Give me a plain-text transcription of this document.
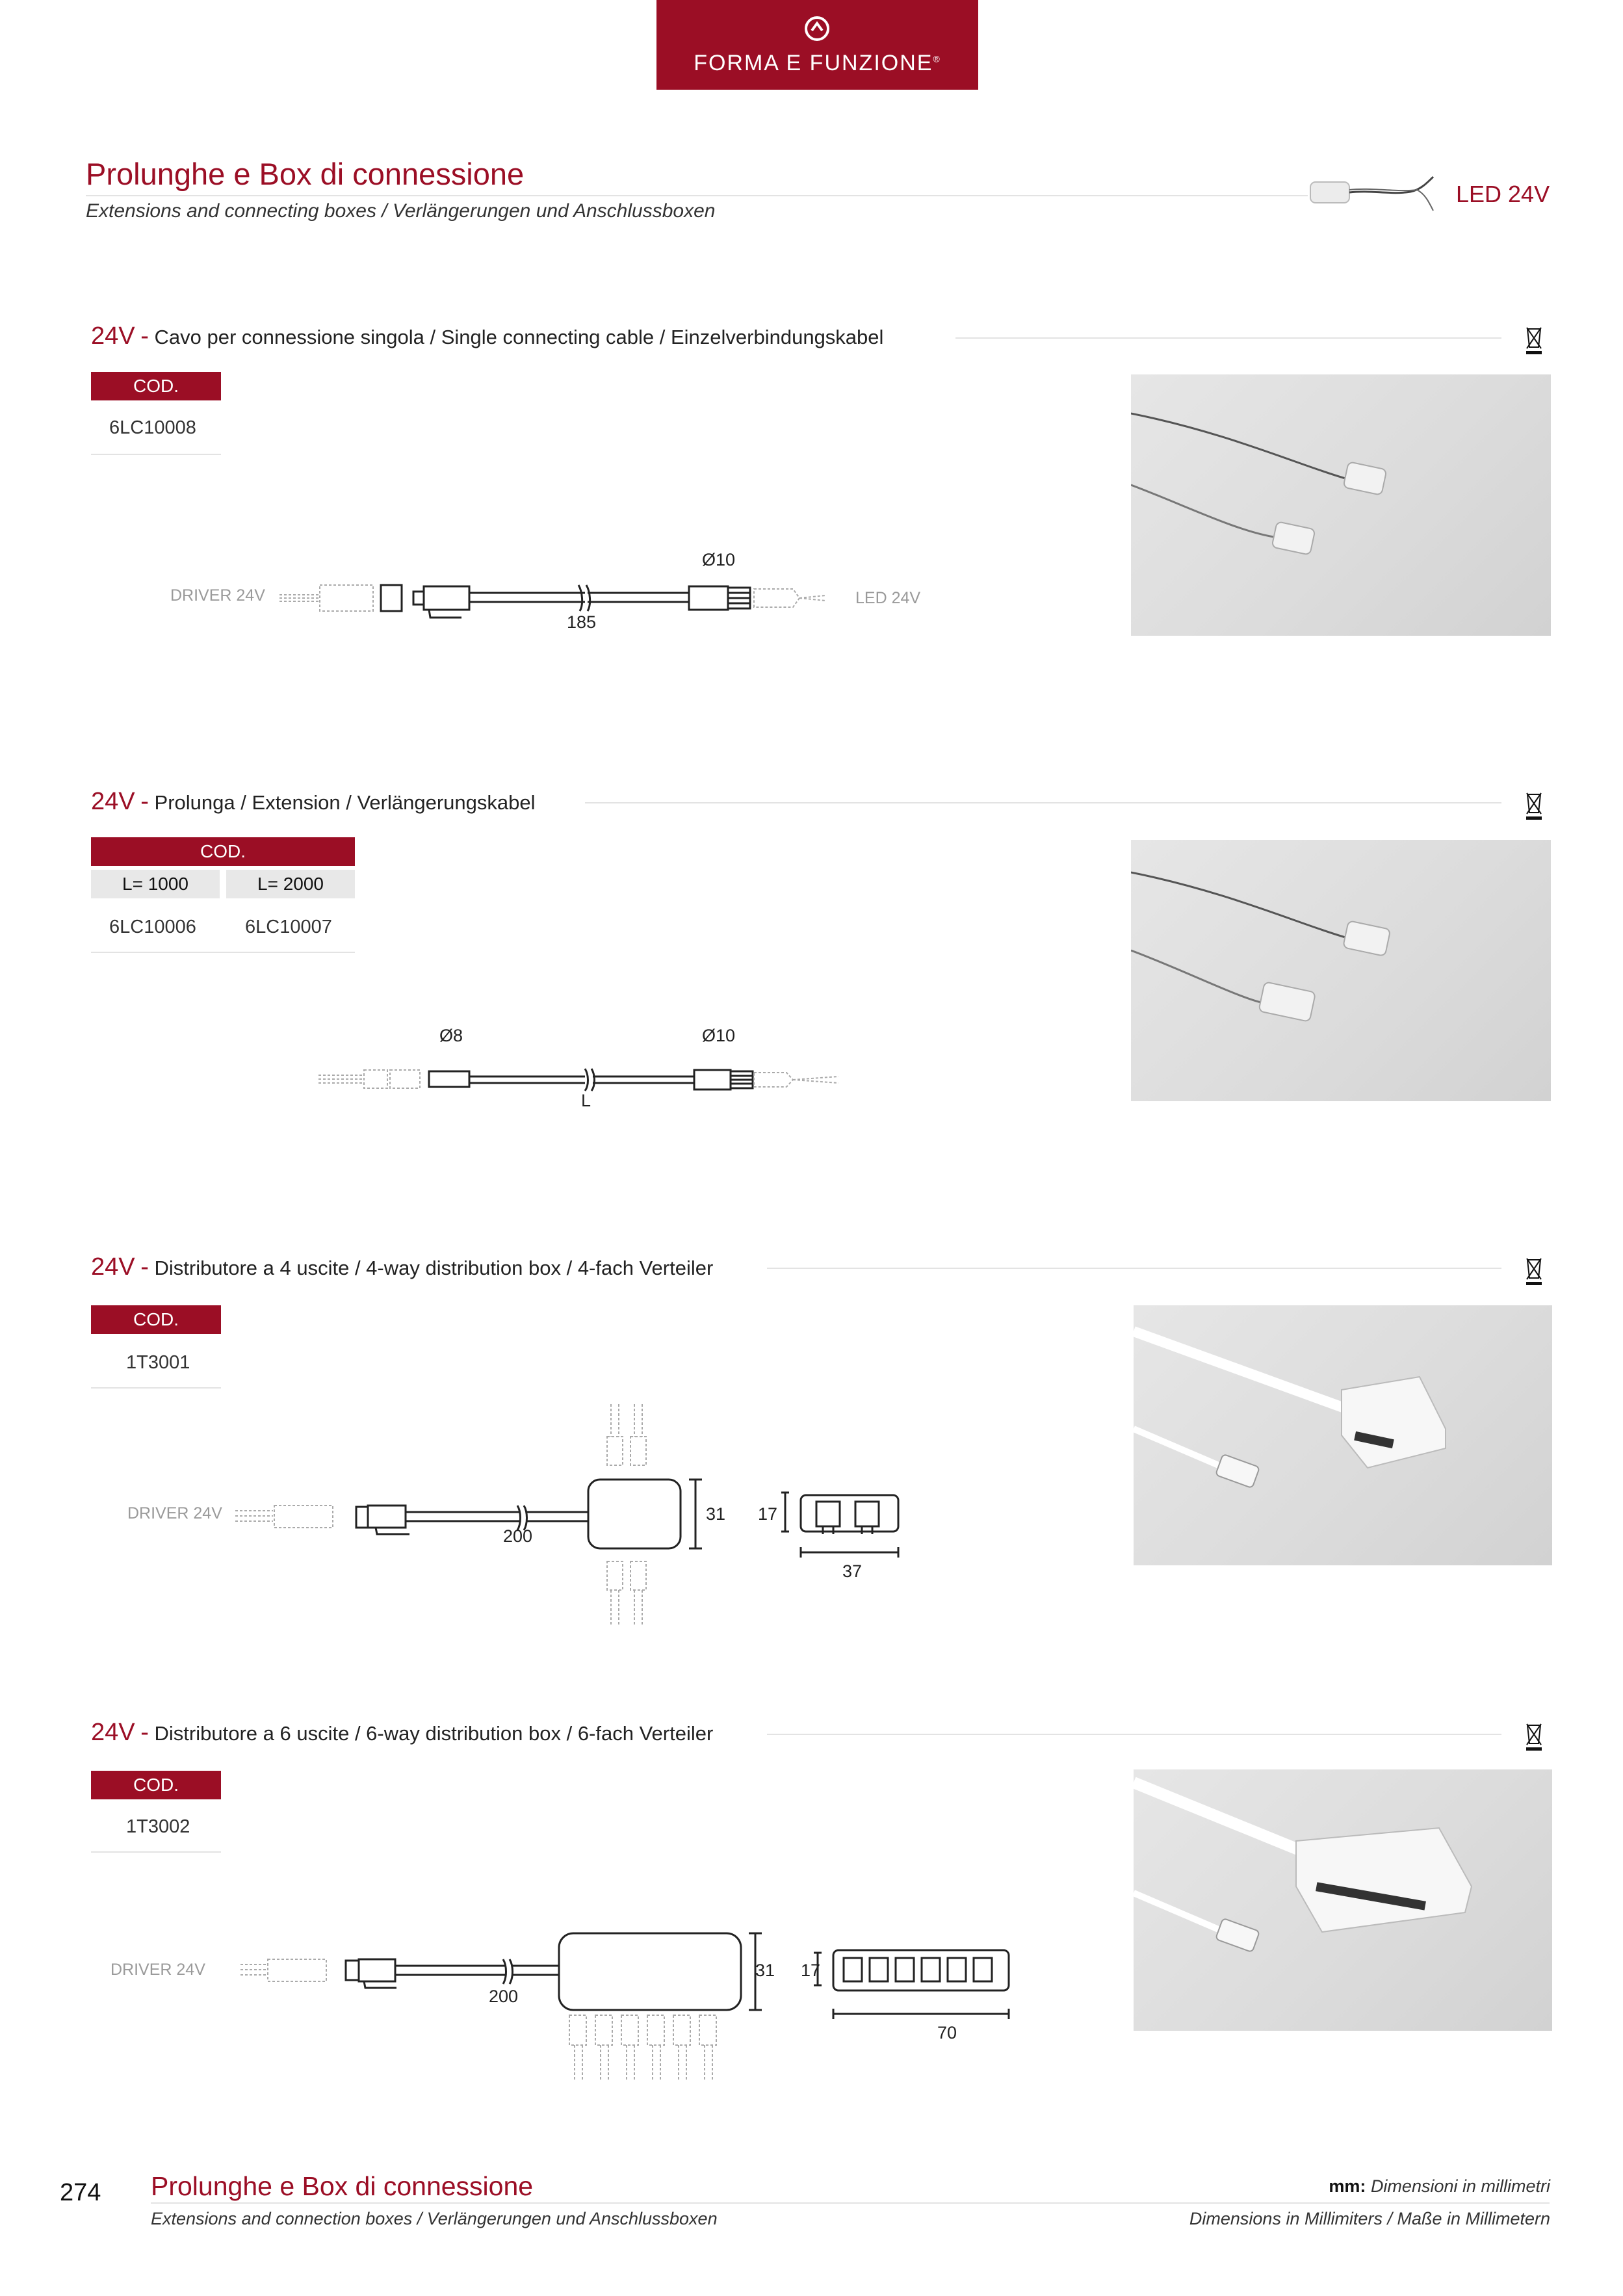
FORMA E FUNZIONE®
Prolunghe e Box di connessione
Extensions and connecting boxes / Verlängerungen und Anschlussboxen
LED 24V
24V - Cavo per connessione singola / Single connecting cable / Einzelverbindungskabel
COD.
6LC10008
Ø10
185
DRIVER 24V	LED 24V
24V - Prolunga / Extension / Verlängerungskabel
COD.
L= 1000	L= 2000
6LC10006	6LC10007
Ø8	Ø10
L
24V - Distributore a 4 uscite / 4-way distribution box / 4-fach Verteiler
COD.
1T3001
DRIVER 24V
200
31 17
37
24V - Distributore a 6 uscite / 6-way distribution box / 6-fach Verteiler
COD.
1T3002
DRIVER 24V
200
31 17
70
274 Prolunghe e Box di connessione
Extensions and connection boxes / Verlängerungen und Anschlussboxen
mm: Dimensioni in millimetri
Dimensions in Millimiters / Maße in Millimetern
